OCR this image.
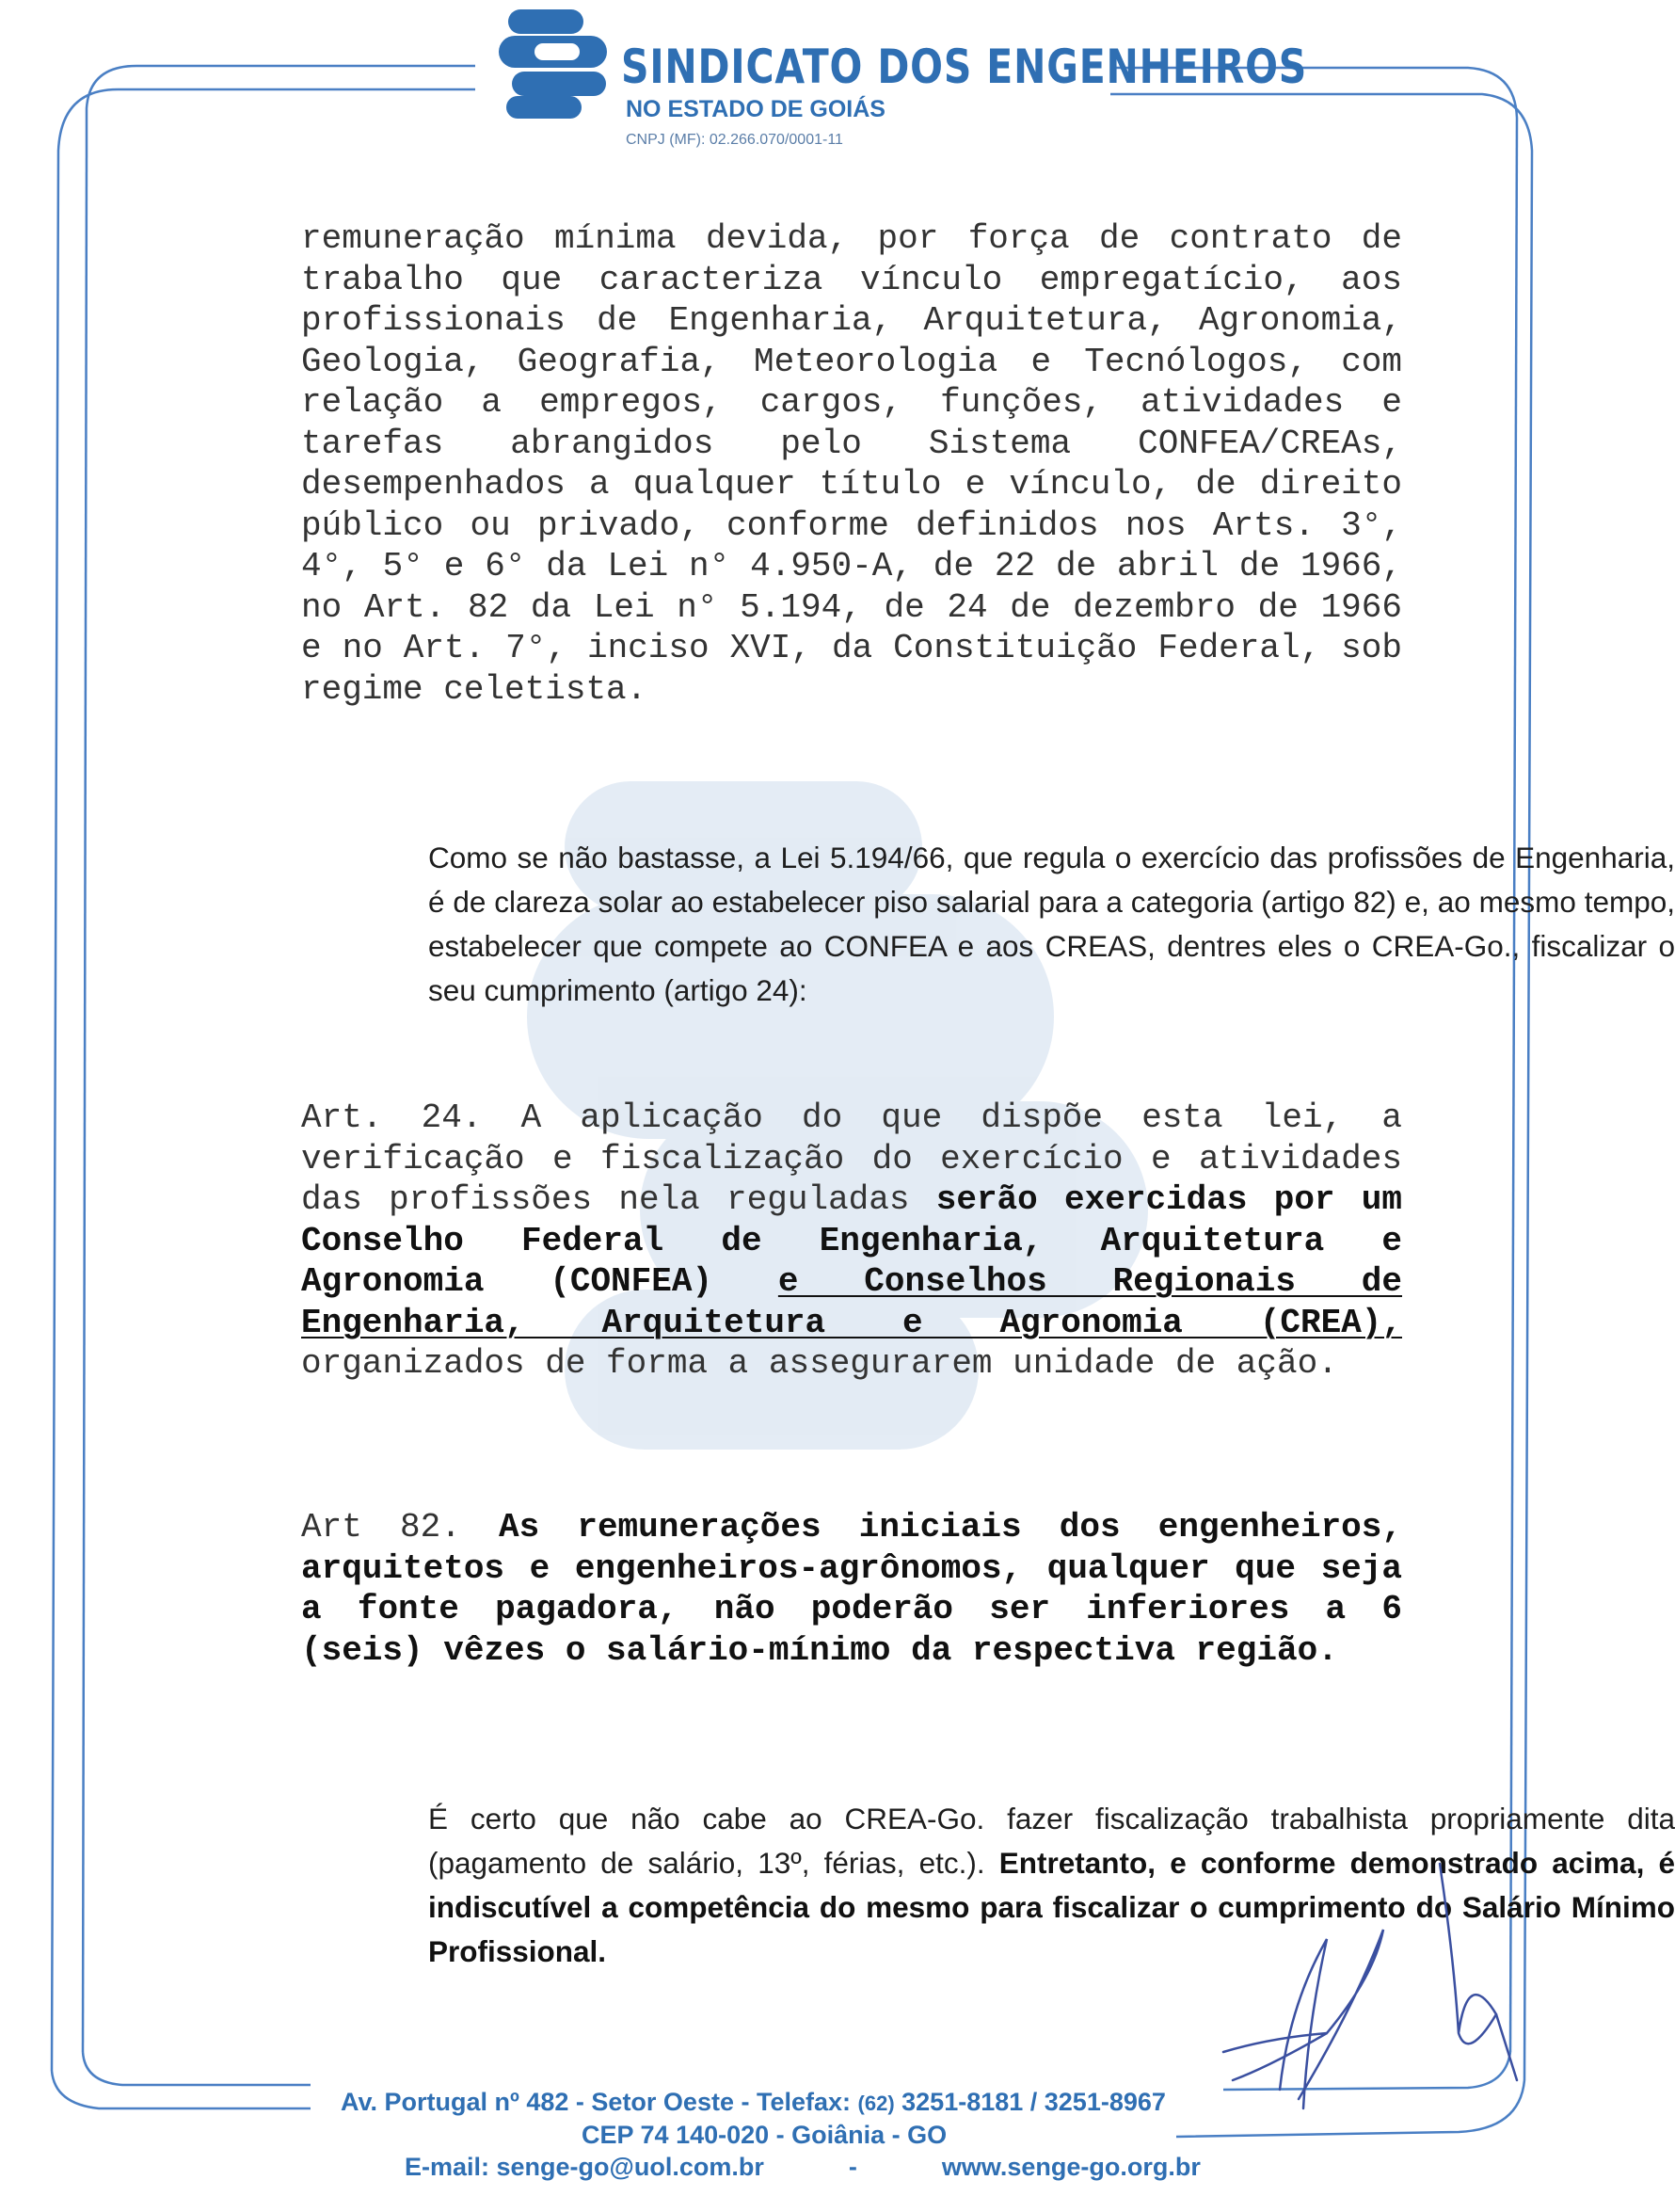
SINDICATO DOS ENGENHEIROS
NO ESTADO DE GOIÁS
CNPJ (MF): 02.266.070/0001-11
remuneração mínima devida, por força de contrato de trabalho que caracteriza vínculo empregatício, aos profissionais de Engenharia, Arquitetura, Agronomia, Geologia, Geografia, Meteorologia e Tecnólogos, com relação a empregos, cargos, funções, atividades e tarefas abrangidos pelo Sistema CONFEA/CREAs, desempenhados a qualquer título e vínculo, de direito público ou privado, conforme definidos nos Arts. 3°, 4°, 5° e 6° da Lei n° 4.950-A, de 22 de abril de 1966, no Art. 82 da Lei n° 5.194, de 24 de dezembro de 1966 e no Art. 7°, inciso XVI, da Constituição Federal, sob regime celetista.
Como se não bastasse, a Lei 5.194/66, que regula o exercício das profissões de Engenharia, é de clareza solar ao estabelecer piso salarial para a categoria (artigo 82) e, ao mesmo tempo, estabelecer que compete ao CONFEA e aos CREAS, dentres eles o CREA-Go., fiscalizar o seu cumprimento (artigo 24):
Art. 24. A aplicação do que dispõe esta lei, a verificação e fiscalização do exercício e atividades das profissões nela reguladas serão exercidas por um Conselho Federal de Engenharia, Arquitetura e Agronomia (CONFEA) e Conselhos Regionais de Engenharia, Arquitetura e Agronomia (CREA), organizados de forma a assegurarem unidade de ação.
Art 82. As remunerações iniciais dos engenheiros, arquitetos e engenheiros-agrônomos, qualquer que seja a fonte pagadora, não poderão ser inferiores a 6 (seis) vêzes o salário-mínimo da respectiva região.
É certo que não cabe ao CREA-Go. fazer fiscalização trabalhista propriamente dita (pagamento de salário, 13º, férias, etc.). Entretanto, e conforme demonstrado acima, é indiscutível a competência do mesmo para fiscalizar o cumprimento do Salário Mínimo Profissional.
Av. Portugal nº 482 - Setor Oeste - Telefax: (62) 3251-8181 / 3251-8967
CEP 74 140-020 - Goiânia - GO
E-mail: senge-go@uol.com.br	-	www.senge-go.org.br
